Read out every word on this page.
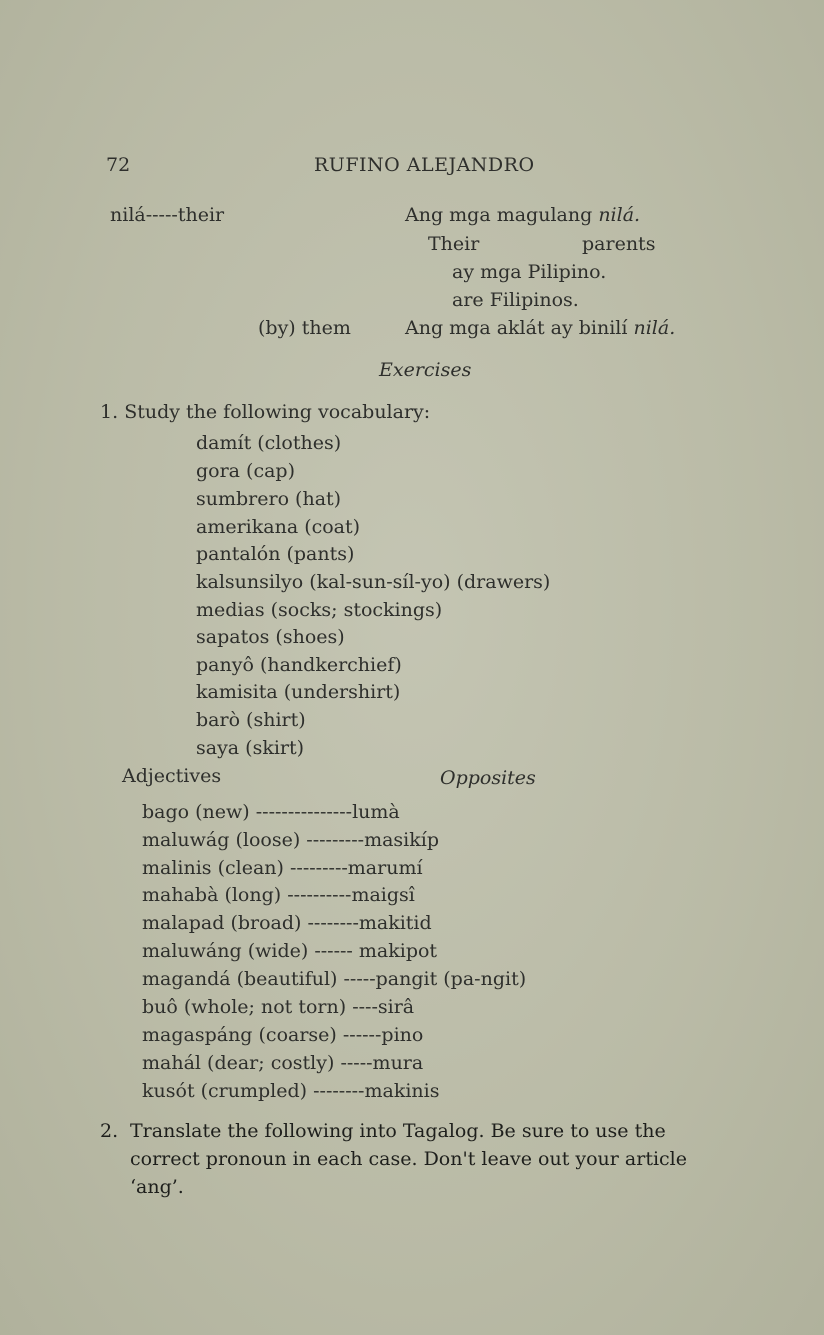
72	RUFINO ALEJANDRO
nilá-----their	Ang mga magulang nilá.
Their	parents
ay mga Pilipino.
are Filipinos.
(by) them	Ang mga aklát ay binilí nilá.
Exercises
1. Study the following vocabulary:
damít (clothes)
gora (cap)
sumbrero (hat)
amerikana (coat)
pantalón (pants)
kalsunsilyo (kal-sun-síl-yo) (drawers)
medias (socks; stockings)
sapatos (shoes)
panyô (handkerchief)
kamisita (undershirt)
barò (shirt)
saya (skirt)
Adjectives	Opposites
bago (new) ---------------lumà
maluwág (loose) ---------masikíp
malinis (clean) ---------marumí
mahabà (long) ----------maigsî
malapad (broad) --------makitid
maluwáng (wide) ------ makipot
magandá (beautiful) -----pangit (pa-ngit)
buô (whole; not torn) ----sirâ
magaspáng (coarse) ------pino
mahál (dear; costly) -----mura
kusót (crumpled) --------makinis
2. Translate the following into Tagalog. Be sure to use the
correct pronoun in each case. Don't leave out your article
‘ang’.
